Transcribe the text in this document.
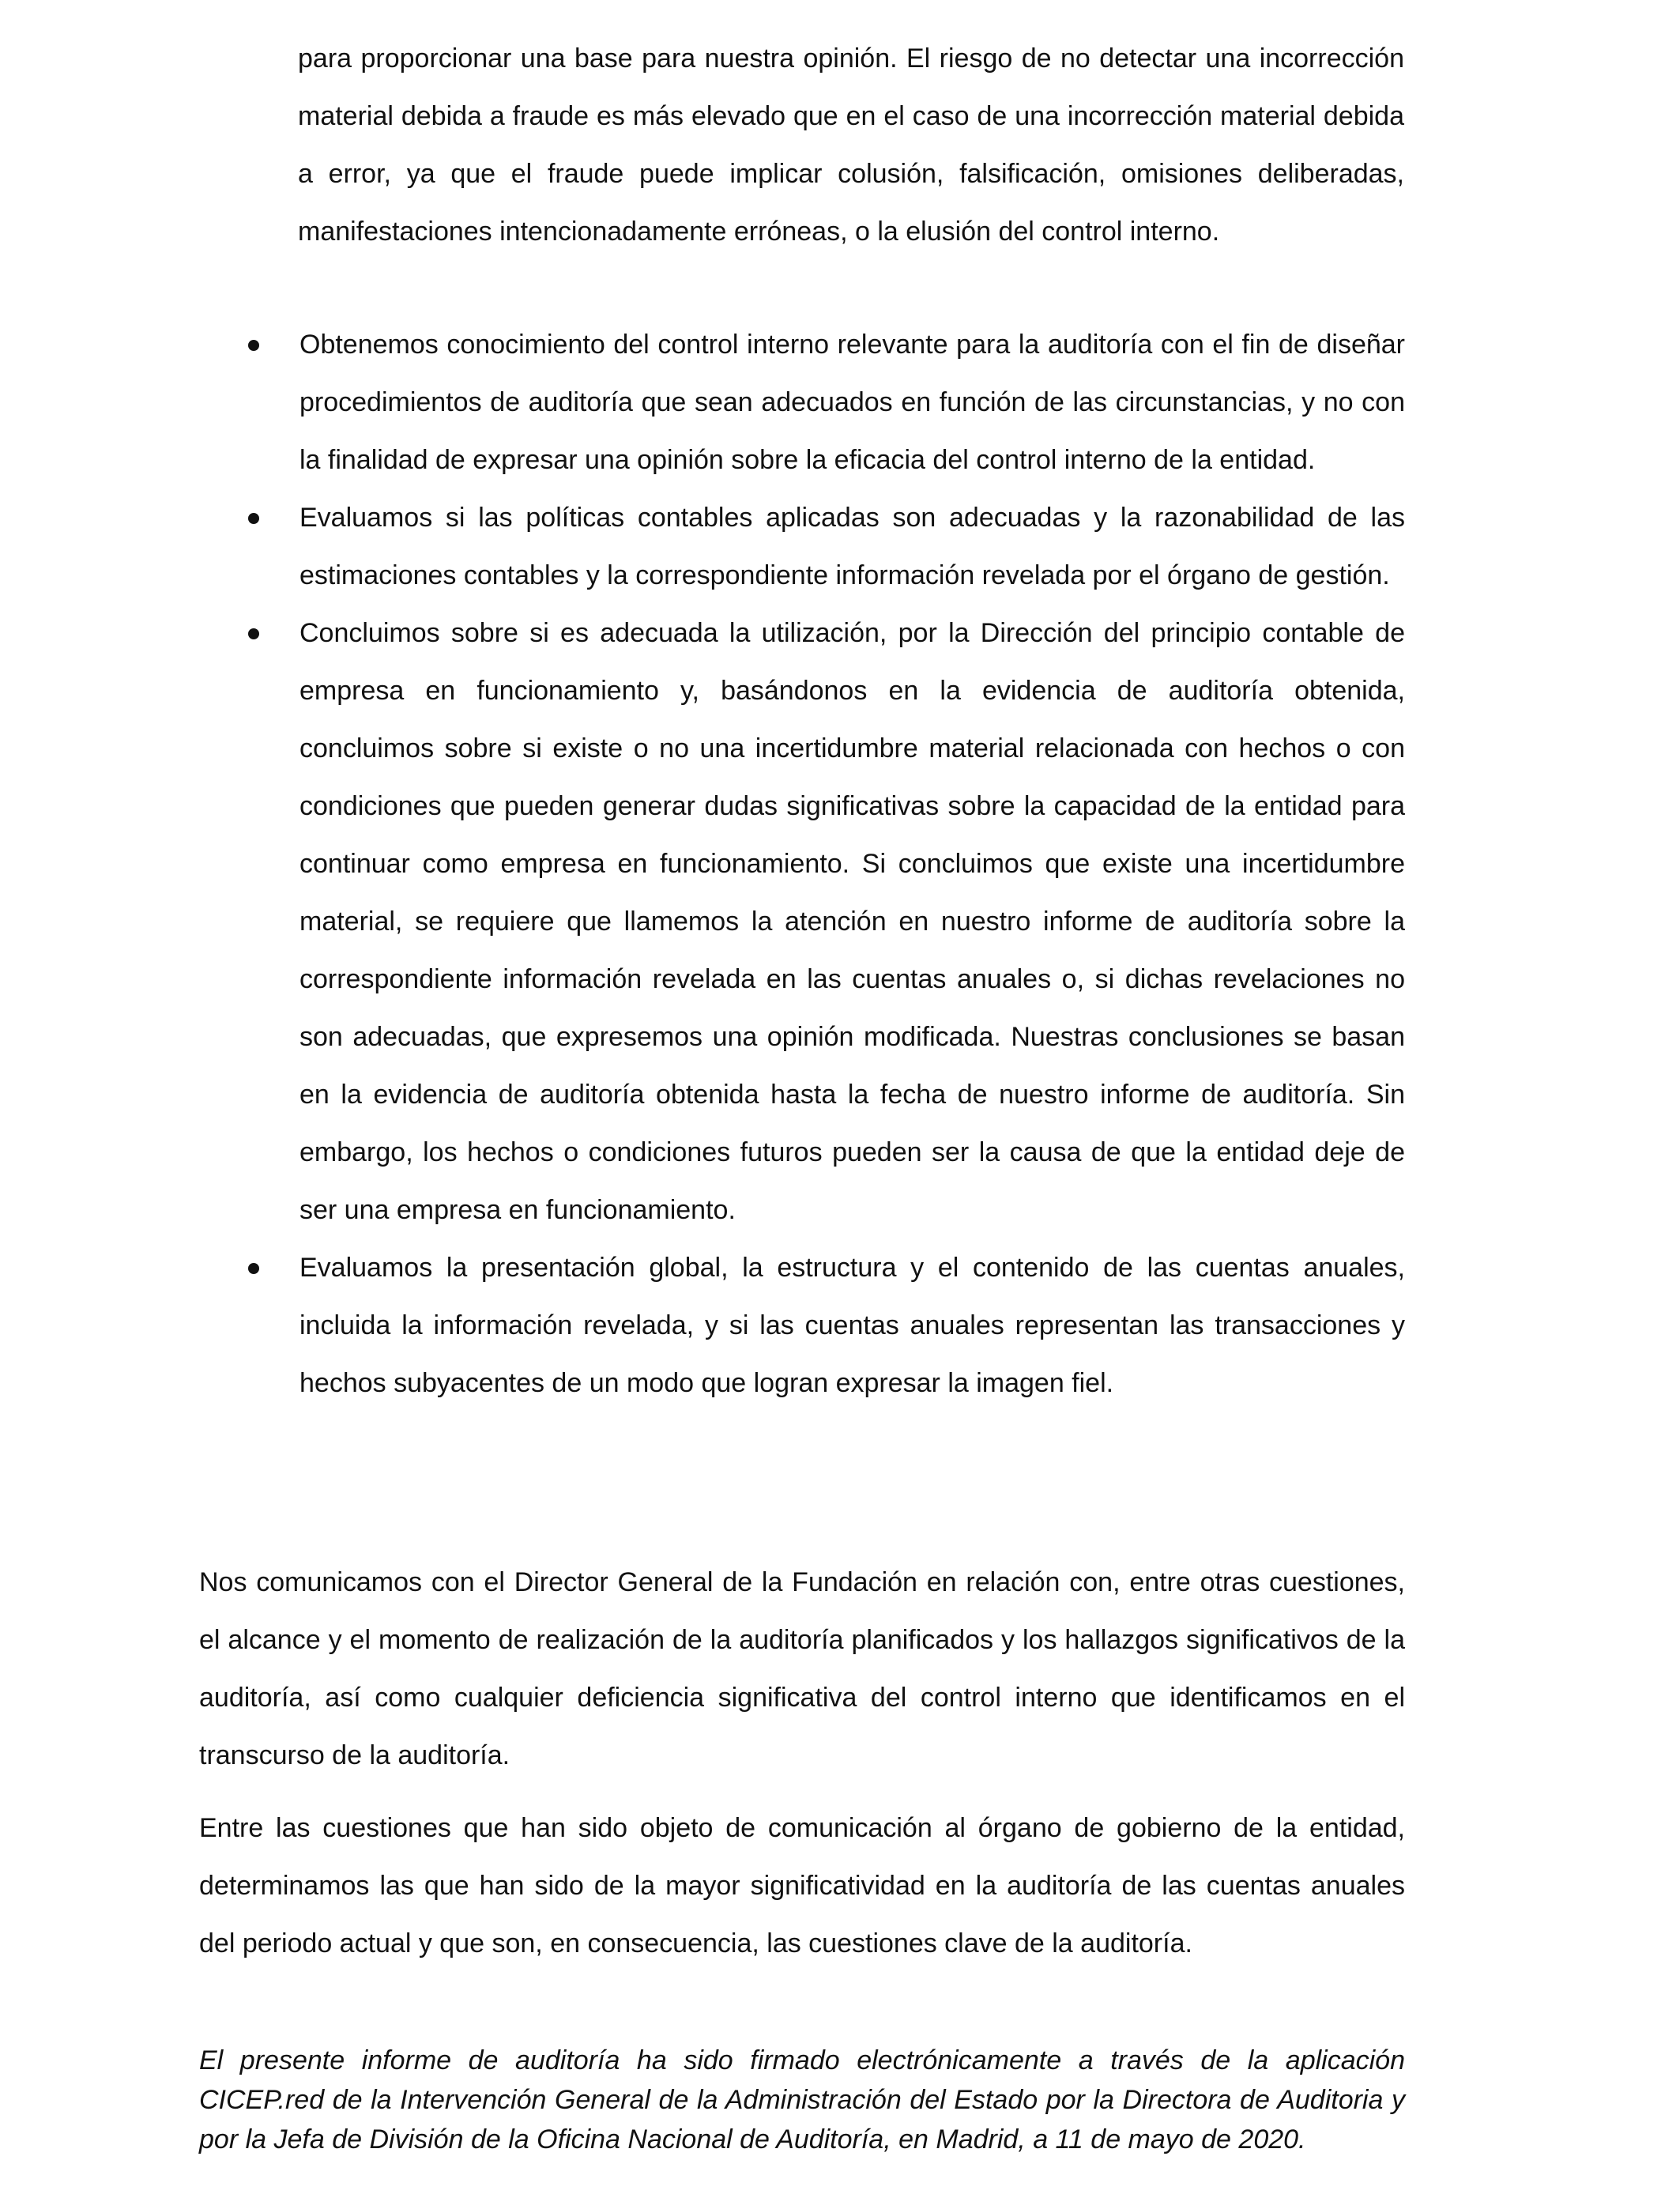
para proporcionar una base para nuestra opinión. El riesgo de no detectar una incorrección material debida a fraude es más elevado que en el caso de una incorrección material debida a error, ya que el fraude puede implicar colusión, falsificación, omisiones deliberadas, manifestaciones intencionadamente erróneas, o la elusión del control interno.

Obtenemos conocimiento del control interno relevante para la auditoría con el fin de diseñar procedimientos de auditoría que sean adecuados en función de las circunstancias, y no con la finalidad de expresar una opinión sobre la eficacia del control interno de la entidad.
Evaluamos si las políticas contables aplicadas son adecuadas y la razonabilidad de las estimaciones contables y la correspondiente información revelada por el órgano de gestión.
Concluimos sobre si es adecuada la utilización, por la Dirección del principio contable de empresa en funcionamiento y, basándonos en la evidencia de auditoría obtenida, concluimos sobre si existe o no una incertidumbre material relacionada con hechos o con condiciones que pueden generar dudas significativas sobre la capacidad de la entidad para continuar como empresa en funcionamiento. Si concluimos que existe una incertidumbre material, se requiere que llamemos la atención en nuestro informe de auditoría sobre la correspondiente información revelada en las cuentas anuales o, si dichas revelaciones no son adecuadas, que expresemos una opinión modificada. Nuestras conclusiones se basan en la evidencia de auditoría obtenida hasta la fecha de nuestro informe de auditoría. Sin embargo, los hechos o condiciones futuros pueden ser la causa de que la entidad deje de ser una empresa en funcionamiento.
Evaluamos la presentación global, la estructura y el contenido de las cuentas anuales, incluida la información revelada, y si las cuentas anuales representan las transacciones y hechos subyacentes de un modo que logran expresar la imagen fiel.

Nos comunicamos con el Director General de la Fundación en relación con, entre otras cuestiones, el alcance y el momento de realización de la auditoría planificados y los hallazgos significativos de la auditoría, así como cualquier deficiencia significativa del control interno que identificamos en el transcurso de la auditoría.

Entre las cuestiones que han sido objeto de comunicación al órgano de gobierno de la entidad, determinamos las que han sido de la mayor significatividad en la auditoría de las cuentas anuales del periodo actual y que son, en consecuencia, las cuestiones clave de la auditoría.

El presente informe de auditoría ha sido firmado electrónicamente a través de la aplicación CICEP.red de la Intervención General de la Administración del Estado por la Directora de Auditoria y por la Jefa de División de la Oficina Nacional de Auditoría, en Madrid, a 11 de mayo de 2020.
